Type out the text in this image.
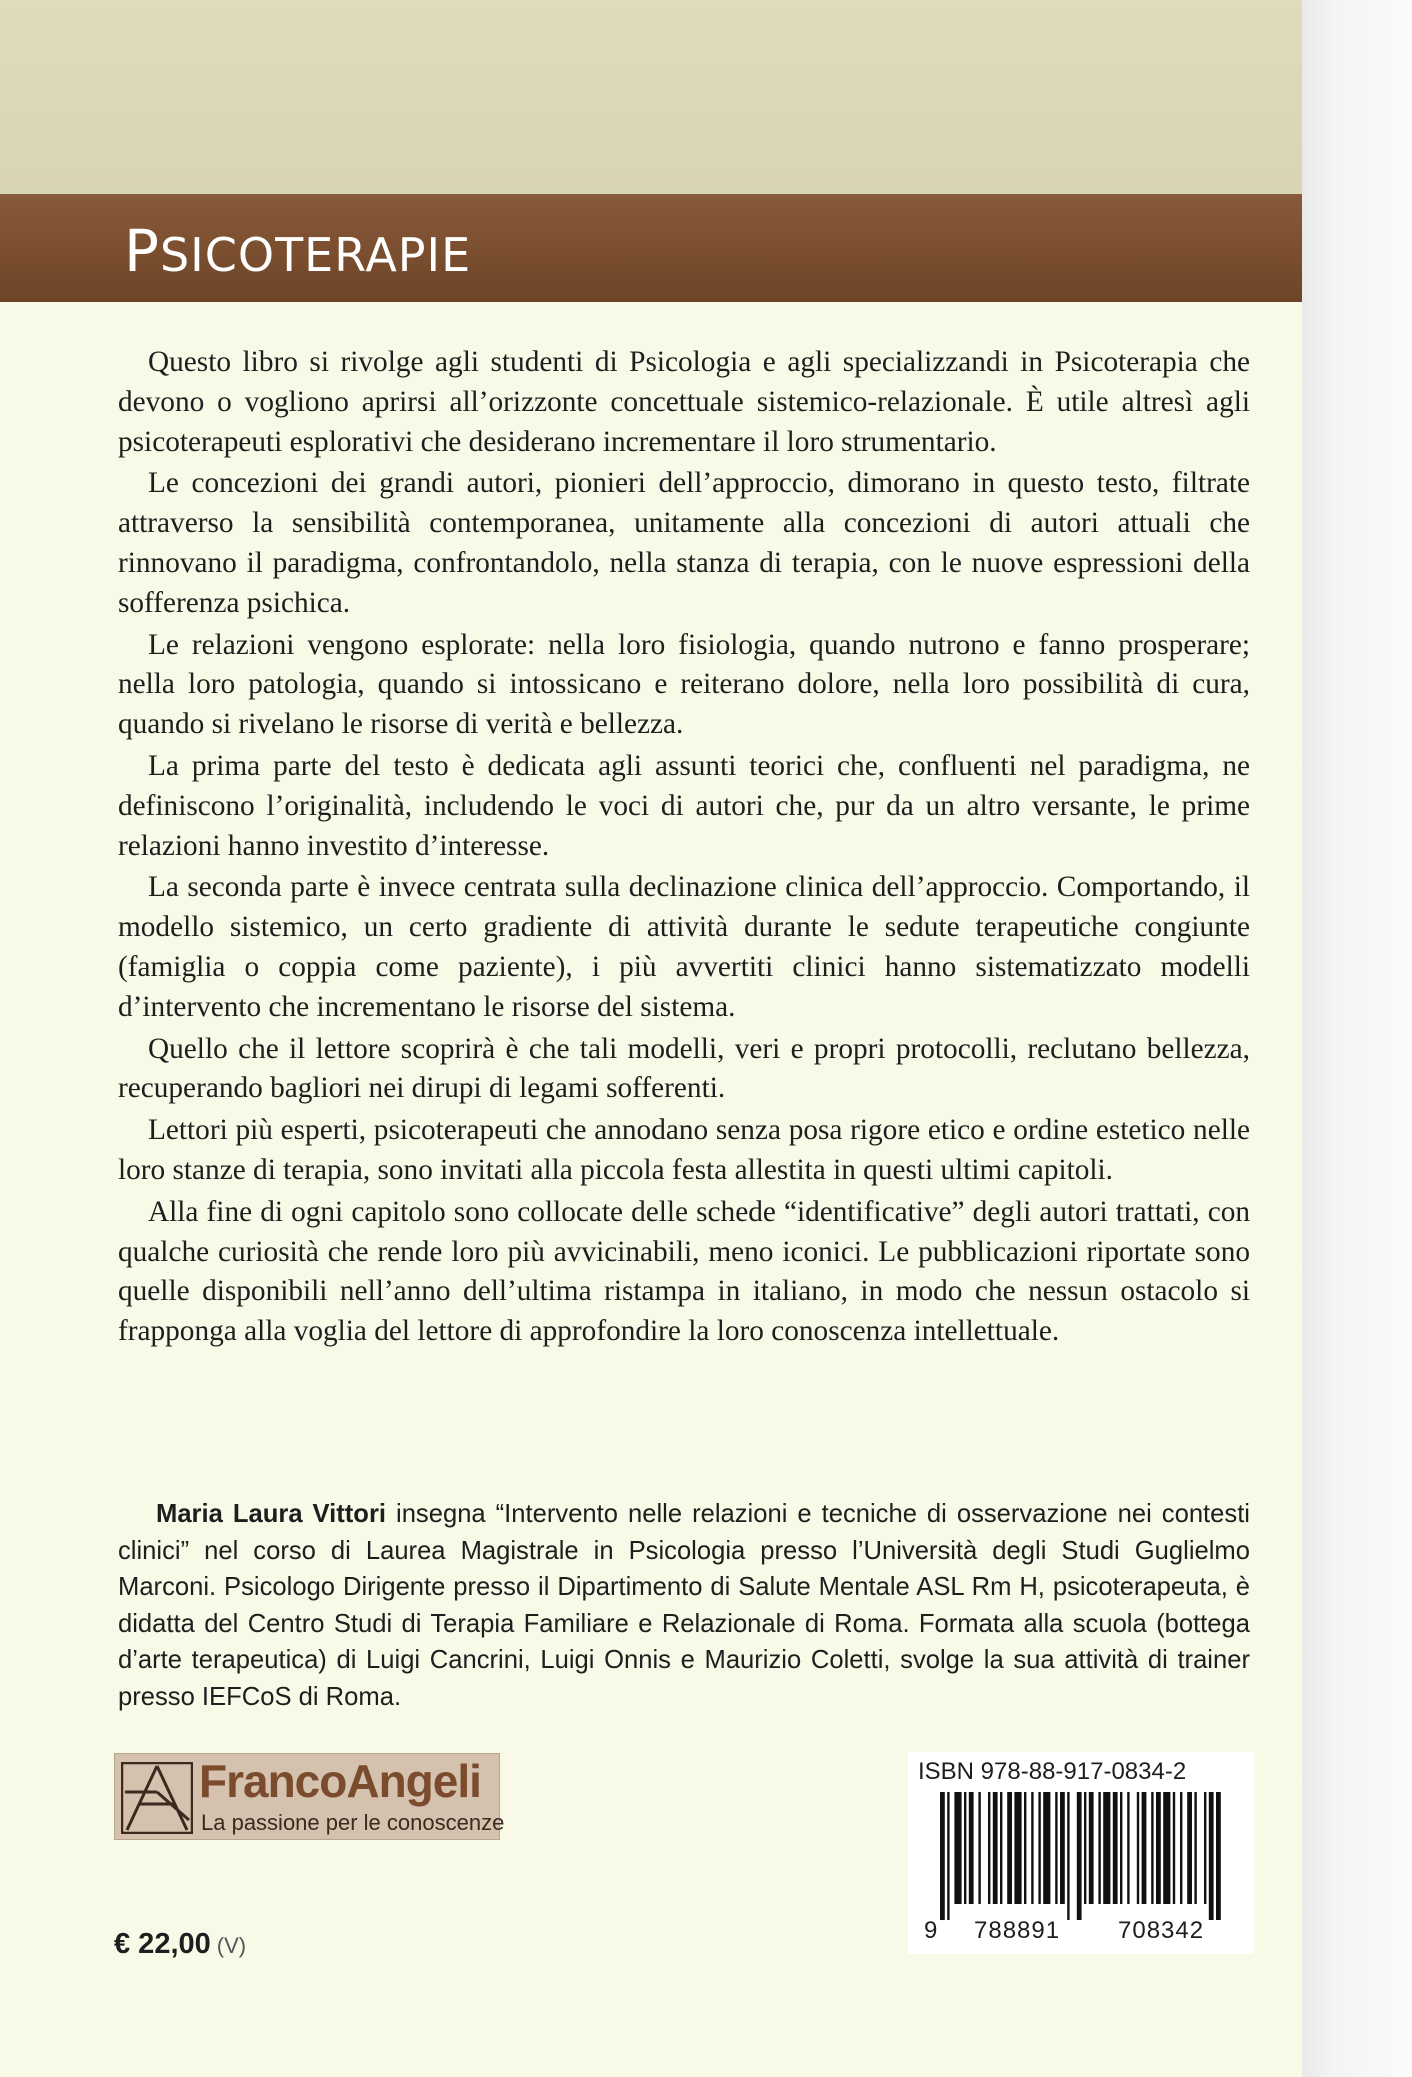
PSICOTERAPIE

Questo libro si rivolge agli studenti di Psicologia e agli specializzandi in Psicoterapia che devono o vogliono aprirsi all’orizzonte concettuale sistemico-relazionale. È utile altresì agli psicoterapeuti esplorativi che desiderano incrementare il loro strumentario.

Le concezioni dei grandi autori, pionieri dell’approccio, dimorano in questo testo, filtrate attraverso la sensibilità contemporanea, unitamente alla concezioni di autori attuali che rinnovano il paradigma, confrontandolo, nella stanza di terapia, con le nuove espressioni della sofferenza psichica.

Le relazioni vengono esplorate: nella loro fisiologia, quando nutrono e fanno prosperare; nella loro patologia, quando si intossicano e reiterano dolore, nella loro possibilità di cura, quando si rivelano le risorse di verità e bellezza.

La prima parte del testo è dedicata agli assunti teorici che, confluenti nel paradigma, ne definiscono l’originalità, includendo le voci di autori che, pur da un altro versante, le prime relazioni hanno investito d’interesse.

La seconda parte è invece centrata sulla declinazione clinica dell’approccio. Comportando, il modello sistemico, un certo gradiente di attività durante le sedute terapeutiche congiunte (famiglia o coppia come paziente), i più avvertiti clinici hanno sistematizzato modelli d’intervento che incrementano le risorse del sistema.

Quello che il lettore scoprirà è che tali modelli, veri e propri protocolli, reclutano bellezza, recuperando bagliori nei dirupi di legami sofferenti.

Lettori più esperti, psicoterapeuti che annodano senza posa rigore etico e ordine estetico nelle loro stanze di terapia, sono invitati alla piccola festa allestita in questi ultimi capitoli.

Alla fine di ogni capitolo sono collocate delle schede “identificative” degli autori trattati, con qualche curiosità che rende loro più avvicinabili, meno iconici. Le pubblicazioni riportate sono quelle disponibili nell’anno dell’ultima ristampa in italiano, in modo che nessun ostacolo si frapponga alla voglia del lettore di approfondire la loro conoscenza intellettuale.

Maria Laura Vittori insegna “Intervento nelle relazioni e tecniche di osservazione nei contesti clinici” nel corso di Laurea Magistrale in Psicologia presso l’Università degli Studi Guglielmo Marconi. Psicologo Dirigente presso il Dipartimento di Salute Mentale ASL Rm H, psicoterapeuta, è didatta del Centro Studi di Terapia Familiare e Relazionale di Roma. Formata alla scuola (bottega d’arte terapeutica) di Luigi Cancrini, Luigi Onnis e Maurizio Coletti, svolge la sua attività di trainer presso IEFCoS di Roma.
FrancoAngeli
La passione per le conoscenze
€ 22,00 (V)
ISBN 978-88-917-0834-2
9 788891 708342
